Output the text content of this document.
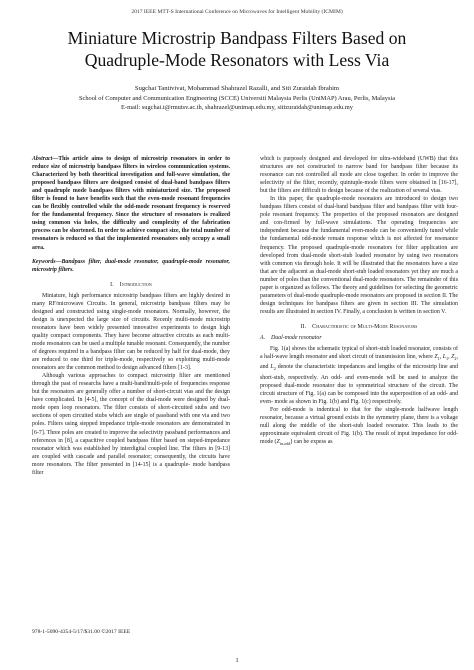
2017 IEEE MTT-S International Conference on Microwaves for Intelligent Mobility (ICMIM)
Miniature Microstrip Bandpass Filters Based on
Quadruple-Mode Resonators with Less Via
Sugchai Tantivivat, Mohammad Shahrazel Razalli, and Siti Zuraidah Ibrahim
School of Computer and Communication Engineering (SCCE) Universiti Malaysia Perlis (UniMAP) Arau, Perlis, Malaysia
E-mail: sugchai.t@rmutsv.ac.th, shahrazel@unimap.edu.my, sitizuraidah@unimap.edu.my
Abstract—This article aims to design of microstrip resonators in order to reduce size of microstrip bandpass filters in wireless communication systems. Characterized by both theoritical investigation and full-wave simulation, the proposed bandpass filters are designed consist of dual-band bandpass filters and quadruple mode bandpass filters with miniaturized size. The proposed filter is found to have benefits such that the even-mode resonant frequencies can be flexibly controlled while the odd-mode resonant frequency is reserved for the fundamental frequency. Since the structure of resonators is realized using common via holes, the difficulty and complexity of the fabrication process can be shortened. In order to achieve compact size, the total number of resonators is reduced so that the implemented resonators only occupy a small area.
Keywords—Bandpass filter, dual-mode resonator, quadruple-mode resonator, microstrip filters.
I. Introduction

Miniature, high performance microstrip bandpass filters are highly desired in many RF/microwave Circuits. In general, microstrip bandpass filters may be designed and constructed using single-mode resonators. Normally, however, the design is unexpected the large size of circuits. Recenly multi-mode microstrip resonators have been widely presented innovative experiments to design high quality compact components. They have become attractive circuits as each multi-mode resonators can be used a multiple tunable resonant. Consequently, the number of degrees required in a bandpass filter can be reduced by half for dual-mode, they are reduced to one third for triple-mode, respectively so exploiting multi-mode resonators are the common method to design advanced filters [1-3].

Although various approaches to compact microstrip filter are mentioned through the past of researchs have a multi-band/multi-pole of frequencies response but the resonators are generally offer a number of short-circuit vias and the design have complicated. In [4-5], the concept of the dual-mode were designed by dual-mode open loop resonators. The filter consists of short-circuited stubs and two sections of open circuited stubs which are single of passband with one via and two poles. Filters using stepped impedance triple-mode resonators are demonstrated in [6-7]. Three poles are created to improve the selectivity passband performances and references in [8], a capacitive coupled bandpass filter based on steped-impedance resonator which was established by interdigital coupled line. The filters in [9-13] are coupled with cascade and parallel resonator; consequently, the circuits have more resonators. The filter presented in [14-15] is a quadruple- mode bandpass filter

which is purposely designed and developed for ultra-wideband (UWB) that this structures are not constructed to narrow band for bandpass filter because its resonance can not controlled all mode are close together. In order to improve the selectivity of the filter, recently, quintuple-mode filters were obtained in [16-17], but the filters are difficult to design because of the realization of several vias.

In this paper, the quadruple-mode resonators are introduced to design two bandpass filters consist of dual-band bandpass filter and bandpass filter with four-pole resonant frequency. The properties of the proposed resonators are designed and con-firmed by full-wave simulations. The operating frequencies are independent because the fundamental even-mode can be conveniently tuned while the fundamental odd-mode remain response which is not affected for resonance frequency. The proposed quadruple-mode resonators for filter application are developed from dual-mode short-stub loaded resonator by using two resonators with common via through hole. It will be illustrated that the resonators have a size that are the adjacent as dual-mode short-stub loaded resonators yet they are much a number of poles than the conventional dual-mode resonators. The remainder of this paper is organized as follows. The theory and guidelines for selecting the geometric parameters of dual-mode quadruple-mode resonators are proposed in section II. The design techniques for bandpass filters are given in section III. The simulation results are illustrated in section IV. Finally, a conclusion is written in section V.

II. Characteristic of Multi-Mode Resonators
A. Dual-mode resonator

Fig. 1(a) shows the schematic typical of short-stub loaded resonator, consists of a half-wave length resonator and short circuit of transmission line, where $Z_1$, $L_1$, $Z_2$, and $L_2$ denote the characteristic impedances and lengths of the microstrip line and short-stub, respectively. An odd- and even-mode will be used to analyze the proposed dual-mode resonator due to symmetrical structure of the circuit. The circuit structure of Fig. 1(a) can be composed into the superposition of an odd- and even- mode as shown in Fig. 1(b) and Fig. 1(c) respectively.

For odd-mode is indentical to that for the single-mode halfwave length resonator, because a virtual ground exists in the symmetry plane, there is a voltage null along the middle of the short-stub loaded resonator. This leads to the approximate equivalent circuit of Fig. 1(b). The result of input impedance for odd-mode $(Z_{in,odd})$ can be expess as

978-1-5090-4354-5/17/$31.00 ©2017 IEEE
1
